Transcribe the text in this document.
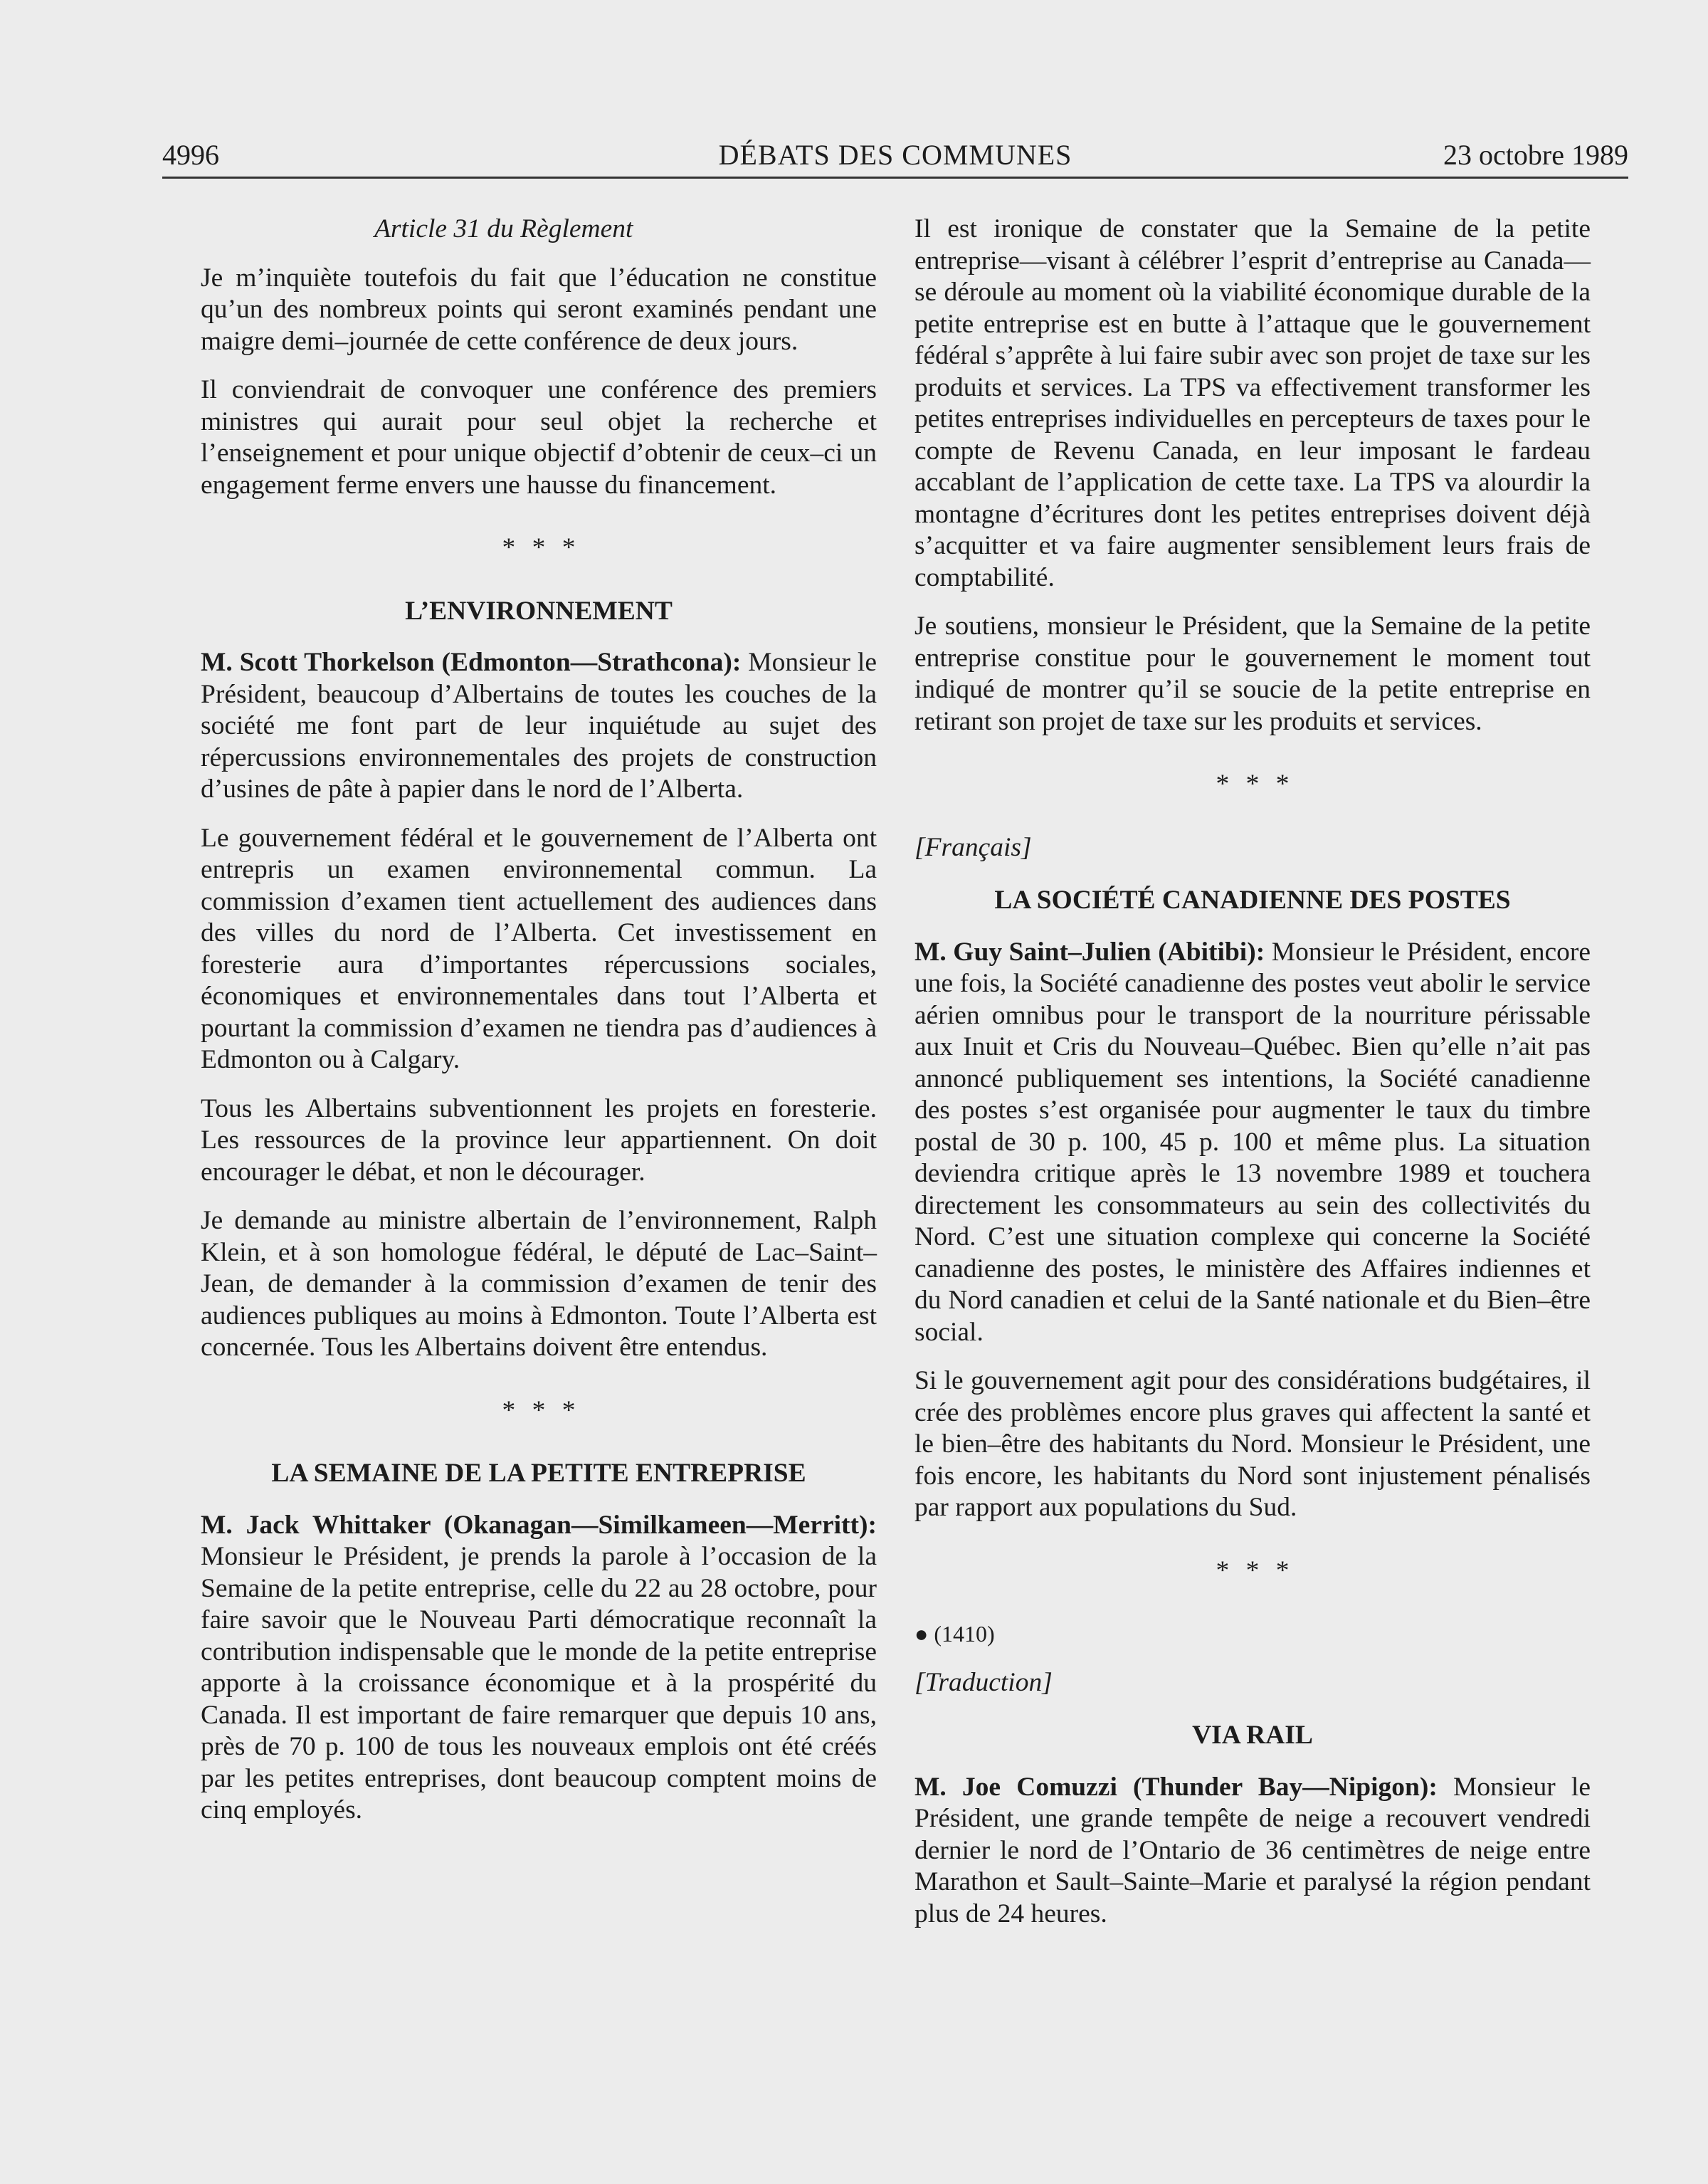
4996	DÉBATS DES COMMUNES	23 octobre 1989

Article 31 du Règlement

Je m’inquiète toutefois du fait que l’éducation ne constitue qu’un des nombreux points qui seront examinés pendant une maigre demi–journée de cette conférence de deux jours.

Il conviendrait de convoquer une conférence des premiers ministres qui aurait pour seul objet la recherche et l’enseignement et pour unique objectif d’obtenir de ceux–ci un engagement ferme envers une hausse du financement.

* * *
L’ENVIRONNEMENT

M. Scott Thorkelson (Edmonton—Strathcona): Monsieur le Président, beaucoup d’Albertains de toutes les couches de la société me font part de leur inquiétude au sujet des répercussions environnementales des projets de construction d’usines de pâte à papier dans le nord de l’Alberta.

Le gouvernement fédéral et le gouvernement de l’Alberta ont entrepris un examen environnemental commun. La commission d’examen tient actuellement des audiences dans des villes du nord de l’Alberta. Cet investissement en foresterie aura d’importantes répercussions sociales, économiques et environnementales dans tout l’Alberta et pourtant la commission d’examen ne tiendra pas d’audiences à Edmonton ou à Calgary.

Tous les Albertains subventionnent les projets en foresterie. Les ressources de la province leur appartiennent. On doit encourager le débat, et non le décourager.

Je demande au ministre albertain de l’environnement, Ralph Klein, et à son homologue fédéral, le député de Lac–Saint–Jean, de demander à la commission d’examen de tenir des audiences publiques au moins à Edmonton. Toute l’Alberta est concernée. Tous les Albertains doivent être entendus.

* * *
LA SEMAINE DE LA PETITE ENTREPRISE

M. Jack Whittaker (Okanagan—Similkameen—Merritt): Monsieur le Président, je prends la parole à l’occasion de la Semaine de la petite entreprise, celle du 22 au 28 octobre, pour faire savoir que le Nouveau Parti démocratique reconnaît la contribution indispensable que le monde de la petite entreprise apporte à la croissance économique et à la prospérité du Canada. Il est important de faire remarquer que depuis 10 ans, près de 70 p. 100 de tous les nouveaux emplois ont été créés par les petites entreprises, dont beaucoup comptent moins de cinq employés.

Il est ironique de constater que la Semaine de la petite entreprise—visant à célébrer l’esprit d’entreprise au Canada—se déroule au moment où la viabilité économique durable de la petite entreprise est en butte à l’attaque que le gouvernement fédéral s’apprête à lui faire subir avec son projet de taxe sur les produits et services. La TPS va effectivement transformer les petites entreprises individuelles en percepteurs de taxes pour le compte de Revenu Canada, en leur imposant le fardeau accablant de l’application de cette taxe. La TPS va alourdir la montagne d’écritures dont les petites entreprises doivent déjà s’acquitter et va faire augmenter sensiblement leurs frais de comptabilité.

Je soutiens, monsieur le Président, que la Semaine de la petite entreprise constitue pour le gouvernement le moment tout indiqué de montrer qu’il se soucie de la petite entreprise en retirant son projet de taxe sur les produits et services.

* * *

[Français]

LA SOCIÉTÉ CANADIENNE DES POSTES

M. Guy Saint–Julien (Abitibi): Monsieur le Président, encore une fois, la Société canadienne des postes veut abolir le service aérien omnibus pour le transport de la nourriture périssable aux Inuit et Cris du Nouveau–Québec. Bien qu’elle n’ait pas annoncé publiquement ses intentions, la Société canadienne des postes s’est organisée pour augmenter le taux du timbre postal de 30 p. 100, 45 p. 100 et même plus. La situation deviendra critique après le 13 novembre 1989 et touchera directement les consommateurs au sein des collectivités du Nord. C’est une situation complexe qui concerne la Société canadienne des postes, le ministère des Affaires indiennes et du Nord canadien et celui de la Santé nationale et du Bien–être social.

Si le gouvernement agit pour des considérations budgétaires, il crée des problèmes encore plus graves qui affectent la santé et le bien–être des habitants du Nord. Monsieur le Président, une fois encore, les habitants du Nord sont injustement pénalisés par rapport aux populations du Sud.

* * *

● (1410)

[Traduction]

VIA RAIL

M. Joe Comuzzi (Thunder Bay—Nipigon): Monsieur le Président, une grande tempête de neige a recouvert vendredi dernier le nord de l’Ontario de 36 centimètres de neige entre Marathon et Sault–Sainte–Marie et paralysé la région pendant plus de 24 heures.
